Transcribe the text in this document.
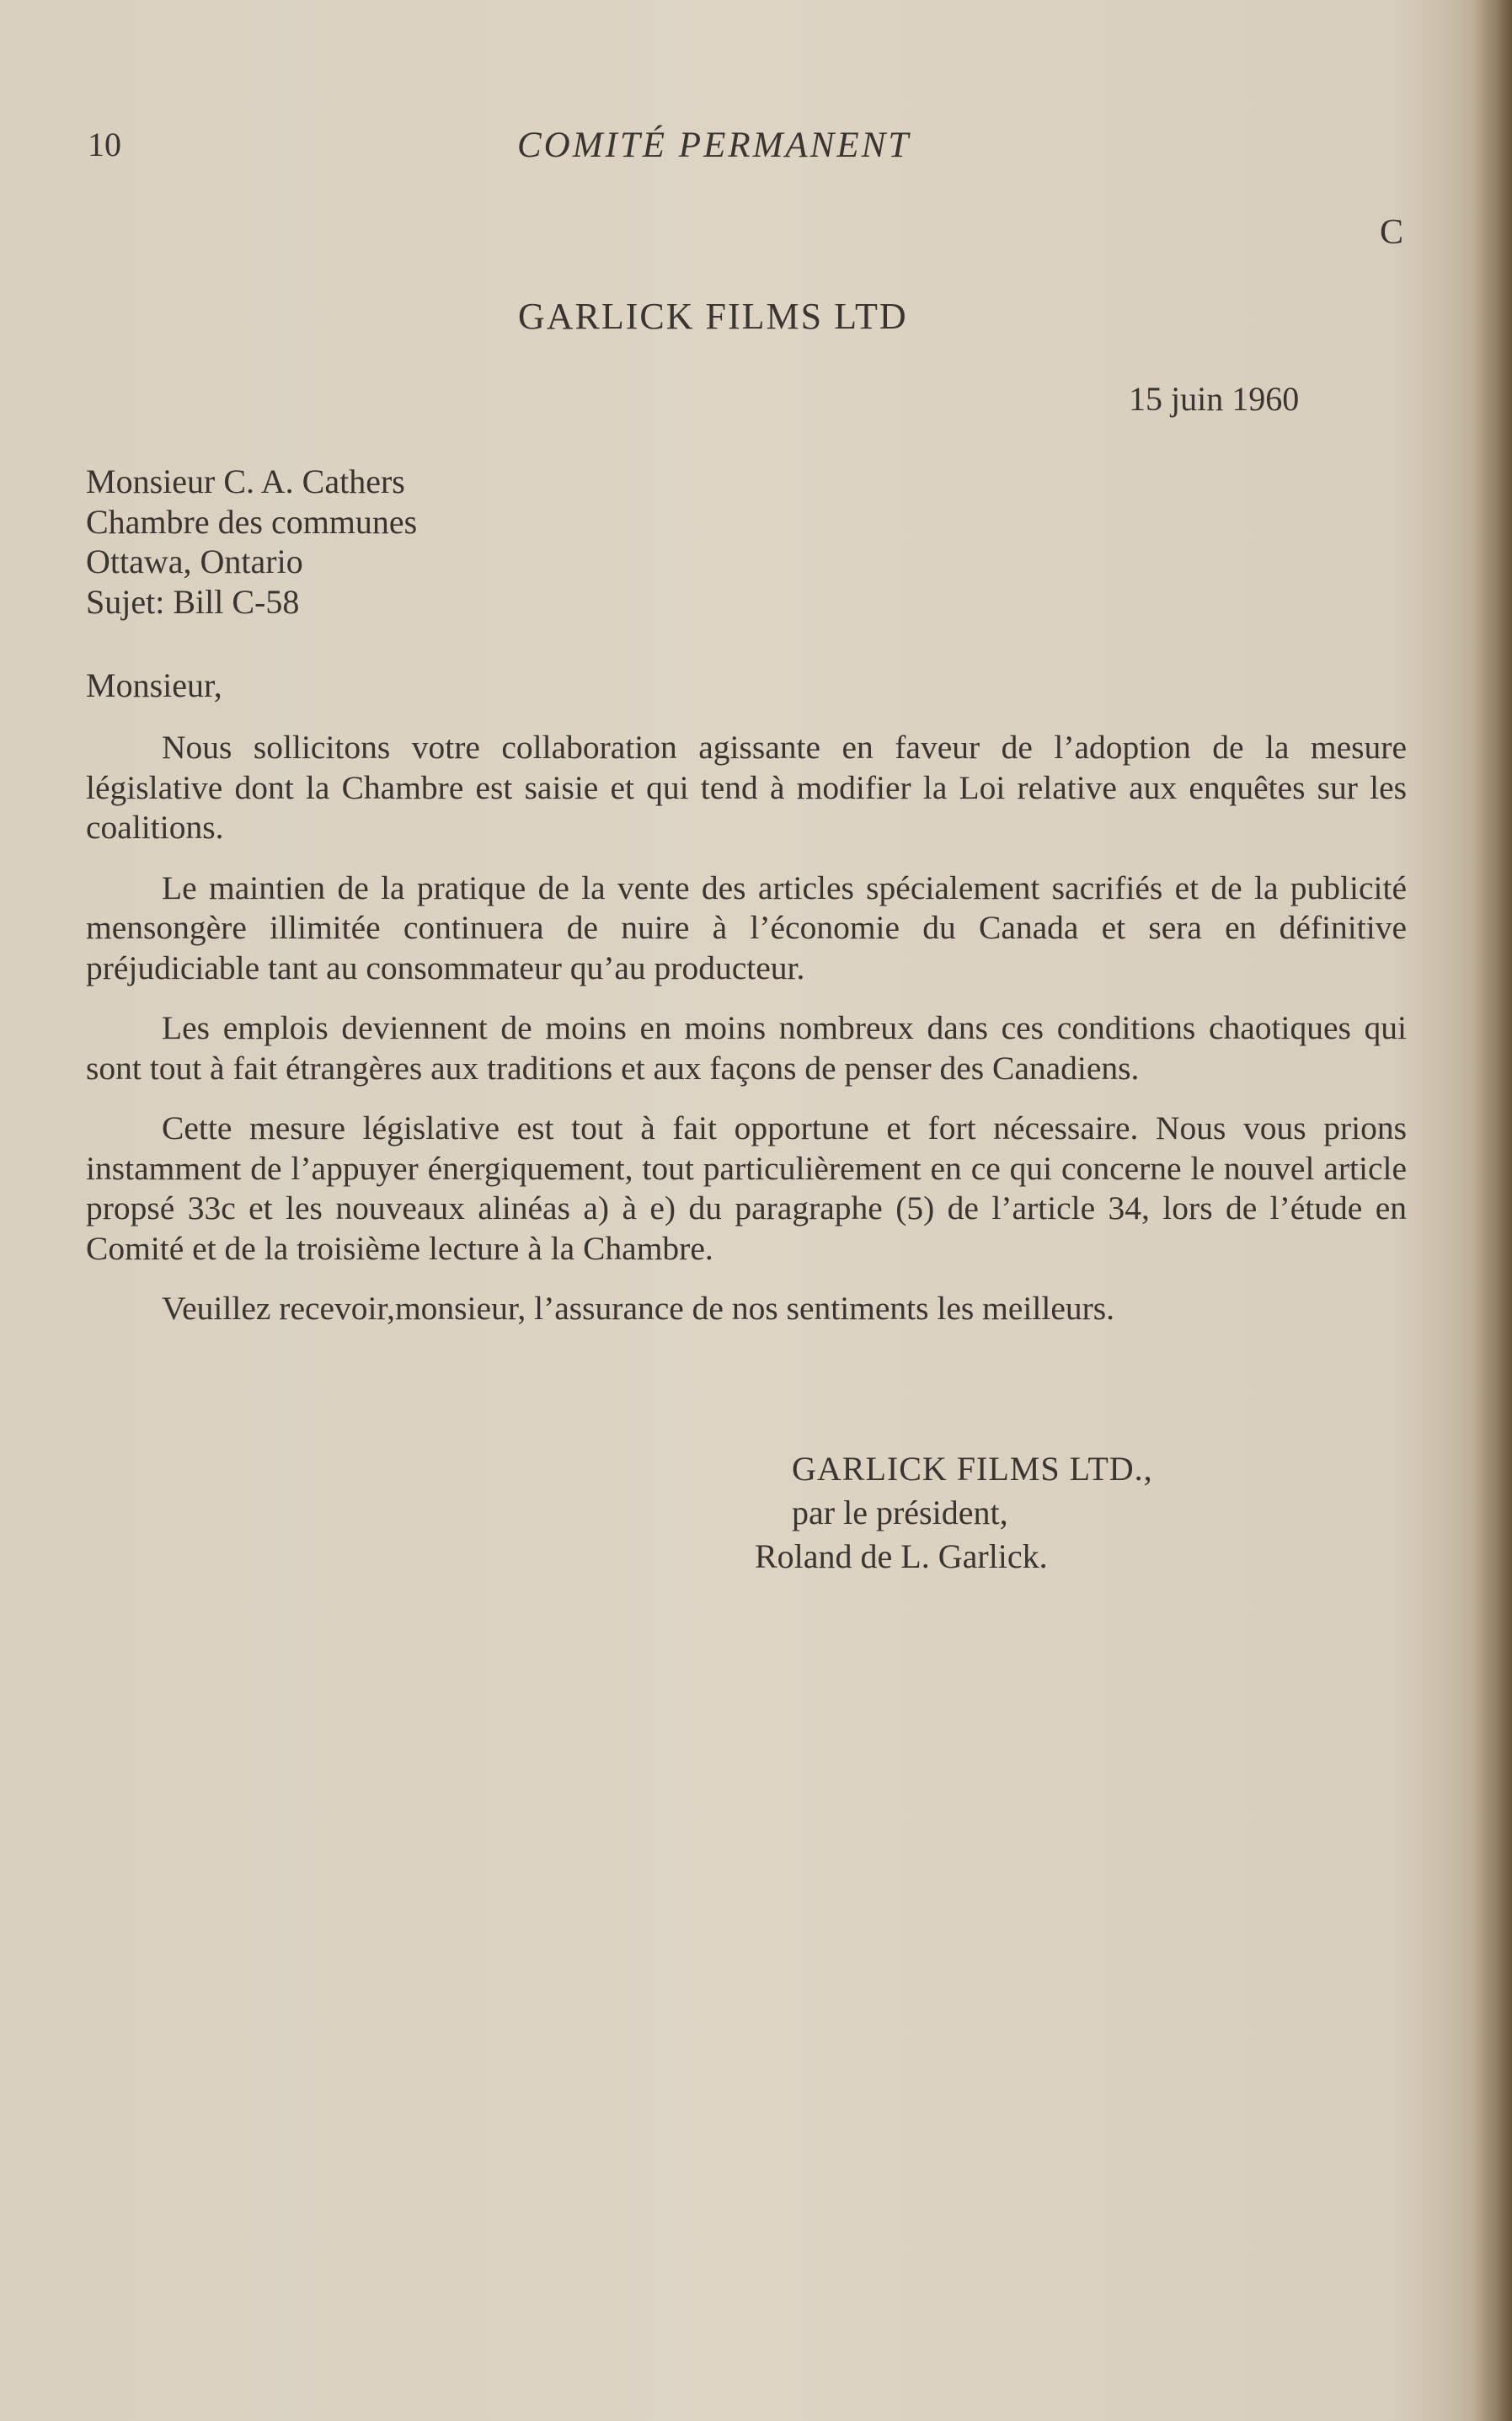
10	COMITÉ PERMANENT
C
GARLICK FILMS LTD
15 juin 1960
Monsieur C. A. Cathers
Chambre des communes
Ottawa, Ontario
Sujet: Bill C-58
Monsieur,

Nous sollicitons votre collaboration agissante en faveur de l’adoption de la mesure législative dont la Chambre est saisie et qui tend à modifier la Loi relative aux enquêtes sur les coalitions.

Le maintien de la pratique de la vente des articles spécialement sacrifiés et de la publicité mensongère illimitée continuera de nuire à l’économie du Canada et sera en définitive préjudiciable tant au consommateur qu’au producteur.

Les emplois deviennent de moins en moins nombreux dans ces conditions chaotiques qui sont tout à fait étrangères aux traditions et aux façons de penser des Canadiens.

Cette mesure législative est tout à fait opportune et fort nécessaire. Nous vous prions instamment de l’appuyer énergiquement, tout particulièrement en ce qui concerne le nouvel article propsé 33c et les nouveaux alinéas a) à e) du paragraphe (5) de l’article 34, lors de l’étude en Comité et de la troisième lecture à la Chambre.

Veuillez recevoir,monsieur, l’assurance de nos sentiments les meilleurs.

GARLICK FILMS LTD.,
par le président,
Roland de L. Garlick.
